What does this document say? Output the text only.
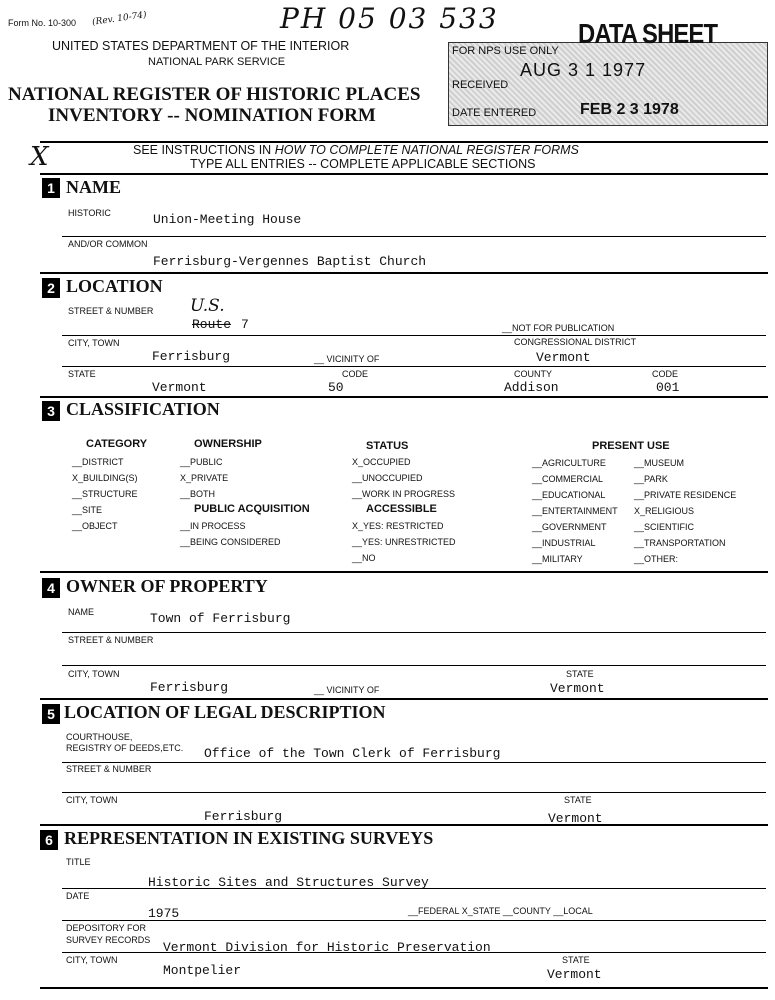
Form No. 10-300 (Rev. 10-74)	PH 05 03 533
UNITED STATES DEPARTMENT OF THE INTERIOR
NATIONAL PARK SERVICE
NATIONAL REGISTER OF HISTORIC PLACES
INVENTORY -- NOMINATION FORM
DATA SHEET
FOR NPS USE ONLY
RECEIVED
AUG 3 1 1977
DATE ENTERED	FEB 2 3 1978
X	SEE INSTRUCTIONS IN HOW TO COMPLETE NATIONAL REGISTER FORMS
TYPE ALL ENTRIES -- COMPLETE APPLICABLE SECTIONS
1 NAME
HISTORIC	Union-Meeting House
AND/OR COMMON
Ferrisburg-Vergennes Baptist Church
2 LOCATION
STREET & NUMBER U.S.
Route 7	__NOT FOR PUBLICATION
CITY, TOWN	CONGRESSIONAL DISTRICT
Ferrisburg	__ VICINITY OF	Vermont
STATE	CODE	COUNTY	CODE
Vermont	50	Addison	001
3 CLASSIFICATION
CATEGORY
__DISTRICT
X_BUILDING(S)
__STRUCTURE
__SITE
__OBJECT
OWNERSHIP
__PUBLIC
X_PRIVATE
__BOTH
PUBLIC ACQUISITION
__IN PROCESS
__BEING CONSIDERED
STATUS
X_OCCUPIED
__UNOCCUPIED
__WORK IN PROGRESS
ACCESSIBLE
X_YES: RESTRICTED
__YES: UNRESTRICTED
__NO
PRESENT USE
__AGRICULTURE
__COMMERCIAL
__EDUCATIONAL
__ENTERTAINMENT
__GOVERNMENT
__INDUSTRIAL
__MILITARY
__MUSEUM
__PARK
__PRIVATE RESIDENCE
X_RELIGIOUS
__SCIENTIFIC
__TRANSPORTATION
__OTHER:
4 OWNER OF PROPERTY
NAME	Town of Ferrisburg
STREET & NUMBER
CITY, TOWN	STATE
Ferrisburg	__ VICINITY OF	Vermont
5 LOCATION OF LEGAL DESCRIPTION
COURTHOUSE,
REGISTRY OF DEEDS,ETC. Office of the Town Clerk of Ferrisburg
STREET & NUMBER
CITY, TOWN	STATE
Ferrisburg	Vermont
6 REPRESENTATION IN EXISTING SURVEYS
TITLE
Historic Sites and Structures Survey
DATE
1975	__FEDERAL X_STATE __COUNTY __LOCAL
DEPOSITORY FOR
SURVEY RECORDS Vermont Division for Historic Preservation
CITY, TOWN	STATE
Montpelier	Vermont
